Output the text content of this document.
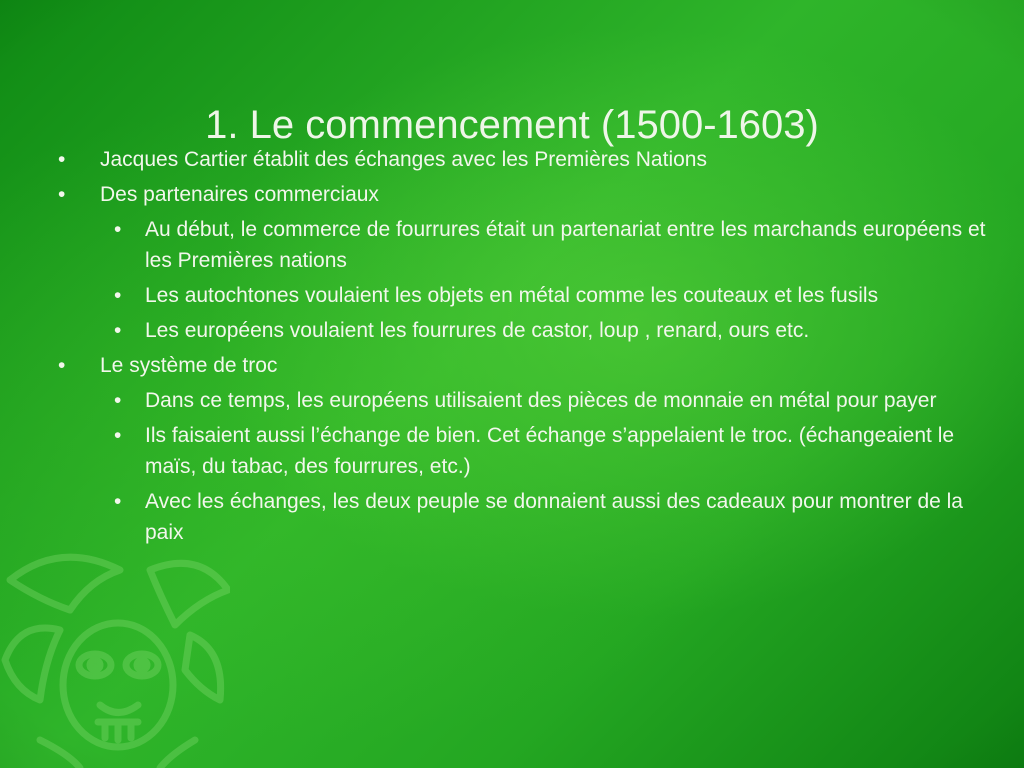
1. Le commencement (1500-1603)
• Jacques Cartier établit des échanges avec les Premières Nations
• Des partenaires commerciaux
• Au début, le commerce de fourrures était un partenariat entre les marchands européens et les Premières nations
• Les autochtones voulaient les objets en métal comme les couteaux et les fusils
• Les européens voulaient les fourrures de castor, loup , renard, ours etc.
• Le système de troc
• Dans ce temps, les européens utilisaient des pièces de monnaie en métal pour payer
• Ils faisaient aussi l’échange de bien. Cet échange s’appelaient le troc. (échangeaient le maïs, du tabac, des fourrures, etc.)
• Avec les échanges, les deux peuple se donnaient aussi des cadeaux pour montrer de la paix
